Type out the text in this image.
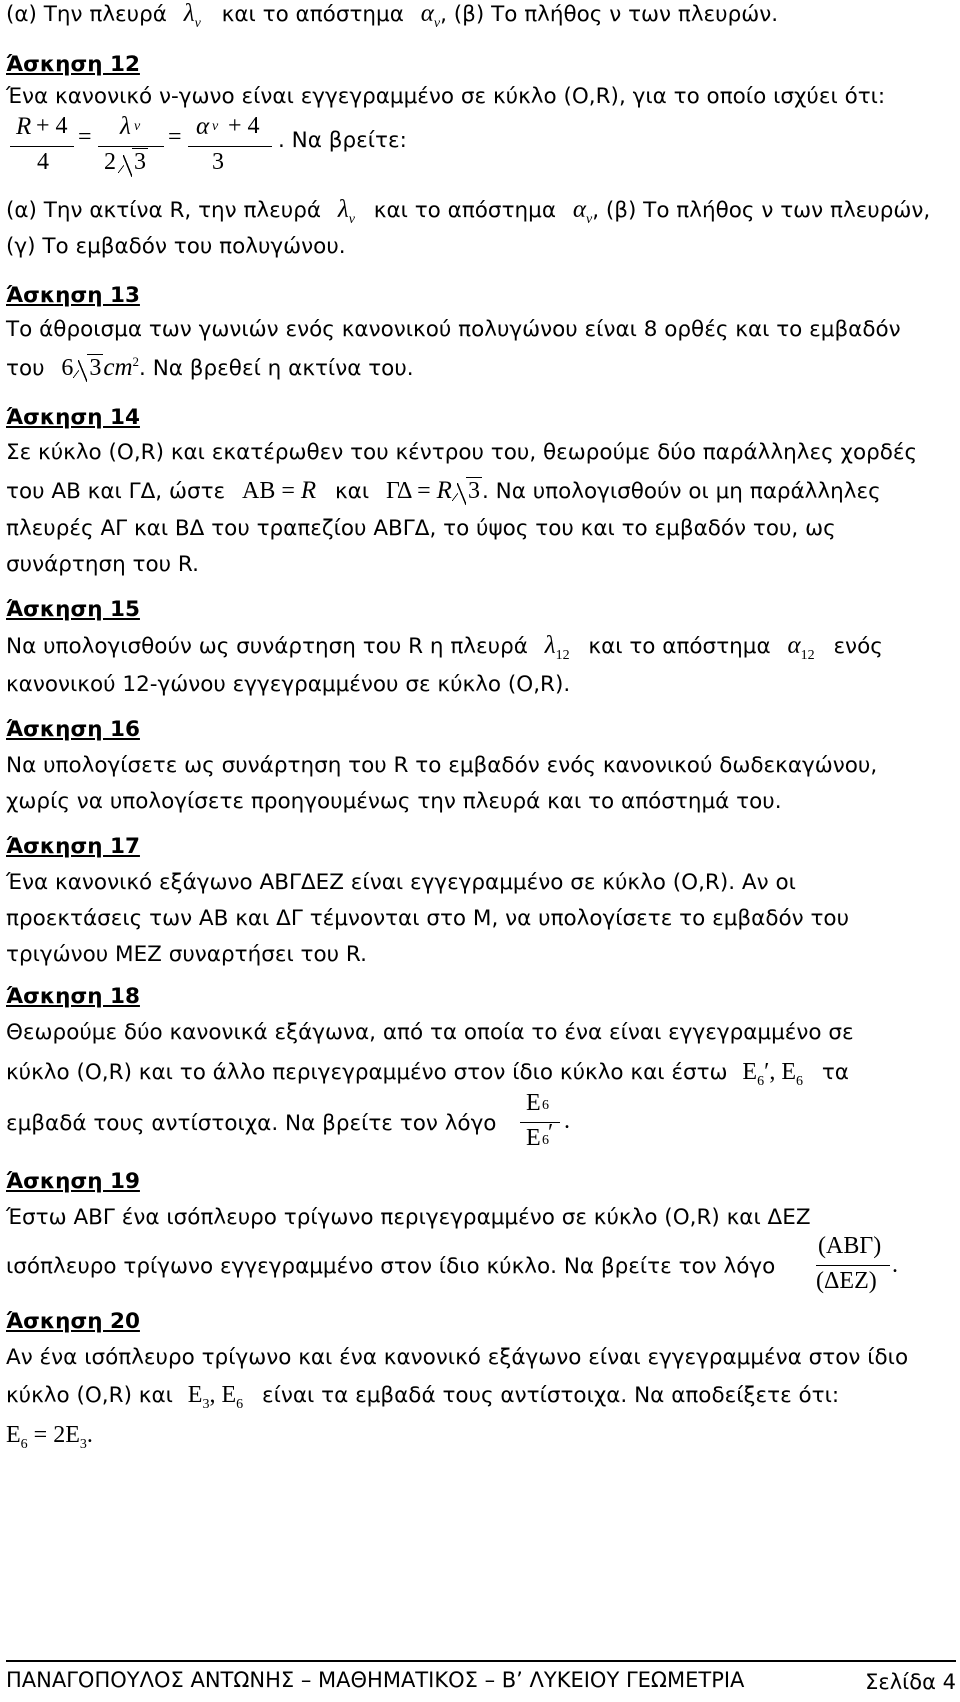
(α) Την πλευρά $\lambda_\nu$ και το απόστημα $\alpha_\nu$, (β) Το πλήθος ν των πλευρών.
Άσκηση 12
Ένα κανονικό ν-γωνο είναι εγγεγραμμένο σε κύκλο (Ο,R), για το οποίο ισχύει ότι:
R + 4
4
= λ ν
2 3
= α ν + 4
3
. Να βρείτε:
(α) Την ακτίνα R, την πλευρά $\lambda_\nu$ και το απόστημα $\alpha_\nu$, (β) Το πλήθος ν των πλευρών,
(γ) Το εμβαδόν του πολυγώνου.
Άσκηση 13
Το άθροισμα των γωνιών ενός κανονικού πολυγώνου είναι 8 ορθές και το εμβαδόν
του 6 $3cm^2$. Να βρεθεί η ακτίνα του.
Άσκηση 14
Σε κύκλο (Ο,R) και εκατέρωθεν του κέντρου του, θεωρούμε δύο παράλληλες χορδές
του ΑΒ και ΓΔ, ώστε ΑΒ = R και ΓΔ = R 3. Να υπολογισθούν οι μη παράλληλες
πλευρές ΑΓ και ΒΔ του τραπεζίου ΑΒΓΔ, το ύψος του και το εμβαδόν του, ως
συνάρτηση του R.
Άσκηση 15
Να υπολογισθούν ως συνάρτηση του R η πλευρά $\lambda_{12}$ και το απόστημα $\alpha_{12}$ ενός
κανονικού 12-γώνου εγγεγραμμένου σε κύκλο (Ο,R).
Άσκηση 16
Να υπολογίσετε ως συνάρτηση του R το εμβαδόν ενός κανονικού δωδεκαγώνου,
χωρίς να υπολογίσετε προηγουμένως την πλευρά και το απόστημά του.
Άσκηση 17
Ένα κανονικό εξάγωνο ΑΒΓΔΕΖ είναι εγγεγραμμένο σε κύκλο (Ο,R). Αν οι
προεκτάσεις των ΑΒ και ΔΓ τέμνονται στο Μ, να υπολογίσετε το εμβαδόν του
τριγώνου ΜΕΖ συναρτήσει του R.
Άσκηση 18
Θεωρούμε δύο κανονικά εξάγωνα, από τα οποία το ένα είναι εγγεγραμμένο σε
κύκλο (Ο,R) και το άλλο περιγεγραμμένο στον ίδιο κύκλο και έστω $E_6'$, $E_6$ τα
εμβαδά τους αντίστοιχα. Να βρείτε τον λόγο
Ε 6
Ε 6 ′ .
Άσκηση 19
Έστω ΑΒΓ ένα ισόπλευρο τρίγωνο περιγεγραμμένο σε κύκλο (Ο,R) και ΔΕΖ
ισόπλευρο τρίγωνο εγγεγραμμένο στον ίδιο κύκλο. Να βρείτε τον λόγο
(ΑΒΓ)
(ΔΕΖ)
.
Άσκηση 20
Αν ένα ισόπλευρο τρίγωνο και ένα κανονικό εξάγωνο είναι εγγεγραμμένα στον ίδιο
κύκλο (Ο,R) και $E_3$, $E_6$ είναι τα εμβαδά τους αντίστοιχα. Να αποδείξετε ότι:
$E_6 = 2E_3$.
ΠΑΝΑΓΟΠΟΥΛΟΣ ΑΝΤΩΝΗΣ – ΜΑΘΗΜΑΤΙΚΟΣ – Β’ ΛΥΚΕΙΟΥ ΓΕΩΜΕΤΡΙΑ	Σελίδα 4
